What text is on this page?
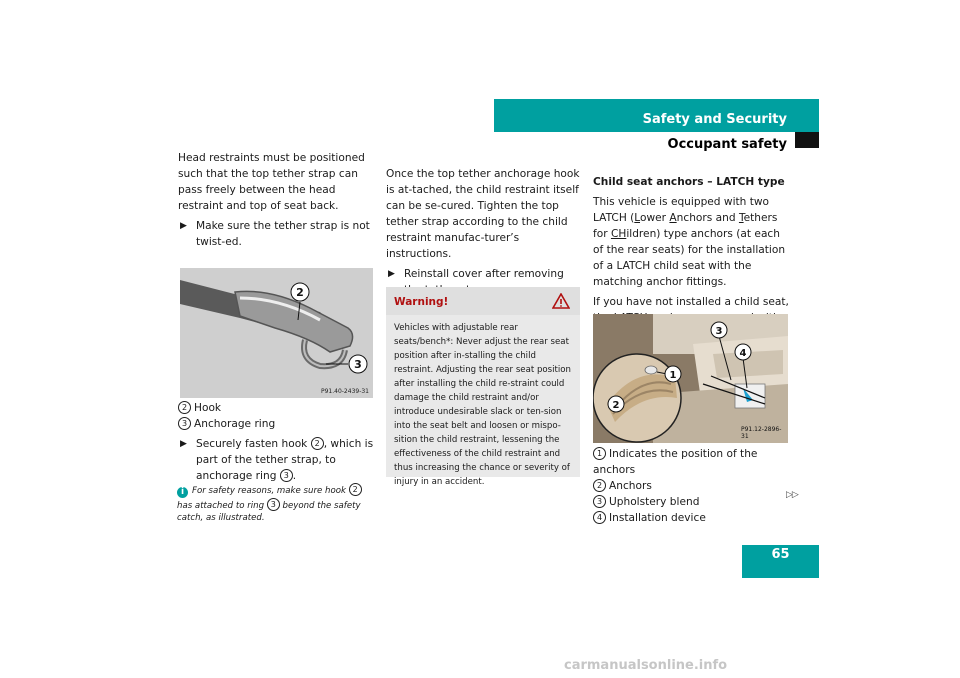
Safety and Security
Occupant safety

Head restraints must be positioned such that the top tether strap can pass freely between the head restraint and top of seat back.

▶ Make sure the tether strap is not twist-ed.
2
3
P91.40-2439-31

2 Hook

3 Anchorage ring

▶ Securely fasten hook 2 , which is part of the tether strap, to anchorage ring 3 .
i For safety reasons, make sure hook 2 has attached to ring 3 beyond the safety catch, as illustrated.

Once the top tether anchorage hook is at-tached, the child restraint itself can be se-cured. Tighten the top tether strap according to the child restraint manufac-turer’s instructions.

▶ Reinstall cover after removing
Warning!
Vehicles with adjustable rear seats/bench*: Never adjust the rear seat position after in-stalling the child restraint. Adjusting the rear seat position after installing the child re-straint could damage the child restraint and/or introduce undesirable slack or ten-sion into the seat belt and loosen or mispo-sition the child restraint, lessening the effectiveness of the child restraint and thus increasing the chance or severity of injury in an accident.

Child seat anchors – LATCH type

This vehicle is equipped with two LATCH (Lower Anchors and Tethers for CHildren) type anchors (at each of the rear seats) for the installation of a LATCH child seat with the matching anchor fittings.

If you have not installed a child seat,

1
2
3
4
P91.12-2896-31

1 Indicates the position of the anchors

2 Anchors

3 Upholstery blend

4 Installation device

▷▷
65
carmanualsonline.info
